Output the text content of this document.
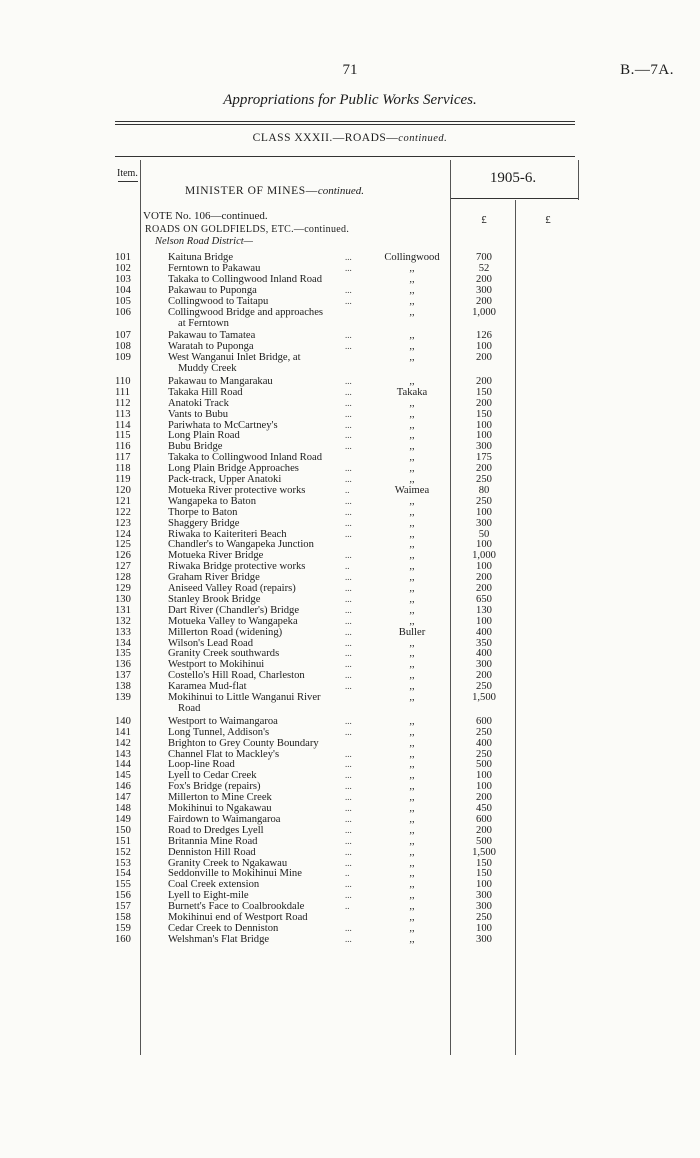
71	B.—7A.
Appropriations for Public Works Services.
CLASS XXXII.—ROADS—continued.
Item.	1905-6.
MINISTER OF MINES—continued.
VOTE No. 106—continued.
ROADS ON GOLDFIELDS, ETC.—continued.
Nelson Road District—
£	£
101	Kaituna Bridge	...	Collingwood	700
102	Ferntown to Pakawau	...	,,	52
103	Takaka to Collingwood Inland Road	,,	200
104	Pakawau to Puponga	...	,,	300
105	Collingwood to Taitapu	...	,,	200
106	Collingwood Bridge and approaches	,,	1,000
at Ferntown
107	Pakawau to Tamatea	...	,,	126
108	Waratah to Puponga	...	,,	100
109	West Wanganui Inlet Bridge, at	,,	200
Muddy Creek
110	Pakawau to Mangarakau	...	,,	200
111	Takaka Hill Road	...	Takaka	150
112	Anatoki Track	...	,,	200
113	Vants to Bubu	...	,,	150
114	Pariwhata to McCartney's	...	,,	100
115	Long Plain Road	...	,,	100
116	Bubu Bridge	...	,,	300
117	Takaka to Collingwood Inland Road	,,	175
118	Long Plain Bridge Approaches	...	,,	200
119	Pack-track, Upper Anatoki	...	,,	250
120	Motueka River protective works	..	Waimea	80
121	Wangapeka to Baton	...	,,	250
122	Thorpe to Baton	...	,,	100
123	Shaggery Bridge	...	,,	300
124	Riwaka to Kaiteriteri Beach	...	,,	50
125	Chandler's to Wangapeka Junction	,,	100
126	Motueka River Bridge	...	,,	1,000
127	Riwaka Bridge protective works	..	,,	100
128	Graham River Bridge	...	,,	200
129	Aniseed Valley Road (repairs)	...	,,	200
130	Stanley Brook Bridge	...	,,	650
131	Dart River (Chandler's) Bridge	...	,,	130
132	Motueka Valley to Wangapeka	...	,,	100
133	Millerton Road (widening)	...	Buller	400
134	Wilson's Lead Road	...	,,	350
135	Granity Creek southwards	...	,,	400
136	Westport to Mokihinui	...	,,	300
137	Costello's Hill Road, Charleston	...	,,	200
138	Karamea Mud-flat	...	,,	250
139	Mokihinui to Little Wanganui River	,,	1,500
Road
140	Westport to Waimangaroa	...	,,	600
141	Long Tunnel, Addison's	...	,,	250
142	Brighton to Grey County Boundary	,,	400
143	Channel Flat to Mackley's	...	,,	250
144	Loop-line Road	...	,,	500
145	Lyell to Cedar Creek	...	,,	100
146	Fox's Bridge (repairs)	...	,,	100
147	Millerton to Mine Creek	...	,,	200
148	Mokihinui to Ngakawau	...	,,	450
149	Fairdown to Waimangaroa	...	,,	600
150	Road to Dredges Lyell	...	,,	200
151	Britannia Mine Road	...	,,	500
152	Denniston Hill Road	...	,,	1,500
153	Granity Creek to Ngakawau	...	,,	150
154	Seddonville to Mokihinui Mine	..	,,	150
155	Coal Creek extension	...	,,	100
156	Lyell to Eight-mile	...	,,	300
157	Burnett's Face to Coalbrookdale	..	,,	300
158	Mokihinui end of Westport Road	,,	250
159	Cedar Creek to Denniston	...	,,	100
160	Welshman's Flat Bridge	...	,,	300
